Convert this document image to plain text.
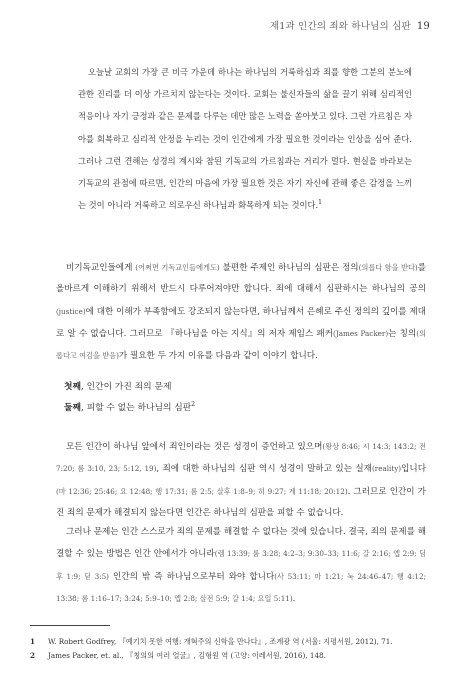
제1과 인간의 죄와 하나님의 심판 19
오늘날 교회의 가장 큰 비극 가운데 하나는 하나님의 거룩하심과 죄를 향한 그분의 분노에 관한 진리를 더 이상 가르치지 않는다는 것이다. 교회는 불신자들의 삶을 끌기 위해 심리적인 적응이나 자기 긍정과 같은 문제를 다루는 데만 많은 노력을 쏟아붓고 있다. 그런 가르침은 자아를 회복하고 심리적 안정을 누리는 것이 인간에게 가장 필요한 것이라는 인상을 심어 준다. 그러나 그런 견해는 성경의 계시와 참된 기독교의 가르침과는 거리가 멀다. 현실을 바라보는 기독교의 관점에 따르면, 인간의 마음에 가장 필요한 것은 자기 자신에 관해 좋은 감정을 느끼는 것이 아니라 거룩하고 의로우신 하나님과 화목하게 되는 것이다.$^1$
비기독교인들에게 (어쩌면 기독교인들에게도) 불편한 주제인 하나님의 심판은 정의(의롭다 함을 받다)를 올바르게 이해하기 위해서 반드시 다루어져야만 합니다. 죄에 대해서 심판하시는 하나님의 공의(justice)에 대한 이해가 부족함에도 강조되지 않는다면, 하나님께서 은혜로 주신 정의의 깊이를 제대로 알 수 없습니다. 그러므로 『하나님을 아는 지식』의 저자 제임스 패커(James Packer)는 칭의(의롭다고 여김을 받음)가 필요한 두 가지 이유를 다음과 같이 이야기 합니다.
첫째, 인간이 가진 죄의 문제
둘째, 피할 수 없는 하나님의 심판$^2$
모든 인간이 하나님 앞에서 죄인이라는 것은 성경이 증언하고 있으며(왕상 8:46; 시 14:3; 143:2; 전 7:20; 롬 3:10, 23; 5:12, 19), 죄에 대한 하나님의 심판 역시 성경이 말하고 있는 실재(reality)입니다(마 12:36; 25:46; 요 12:48; 행 17:31; 롬 2:5; 살후 1:8–9; 히 9:27; 계 11:18; 20:12). 그러므로 인간이 가진 죄의 문제가 해결되지 않는다면 인간은 하나님의 심판을 피할 수 없습니다.
그러나 문제는 인간 스스로가 죄의 문제를 해결할 수 없다는 것에 있습니다. 결국, 죄의 문제를 해결할 수 있는 방법은 인간 안에서가 아니라(렘 13:39; 롬 3:28; 4:2–3; 9:30–33; 11:6; 갈 2:16; 엡 2:9; 딤후 1:9; 딛 3:5) 인간의 밖 즉 하나님으로부터 와야 합니다(사 53:11; 마 1:21; 눅 24:46–47; 행 4:12; 13:38; 롬 1:16–17; 3:24; 5:9–10; 엡 2:8; 살전 5:9; 갈 1:4; 요일 5:11).
1 W. Robert Godfrey, 『예기치 못한 여행: 개혁주의 신학을 만나다』, 조계광 역 (서울: 지평서원, 2012), 71.
2 James Packer, et. al., 『칭의의 여러 얼굴』, 김형원 역 (고양: 이레서원, 2016), 148.
